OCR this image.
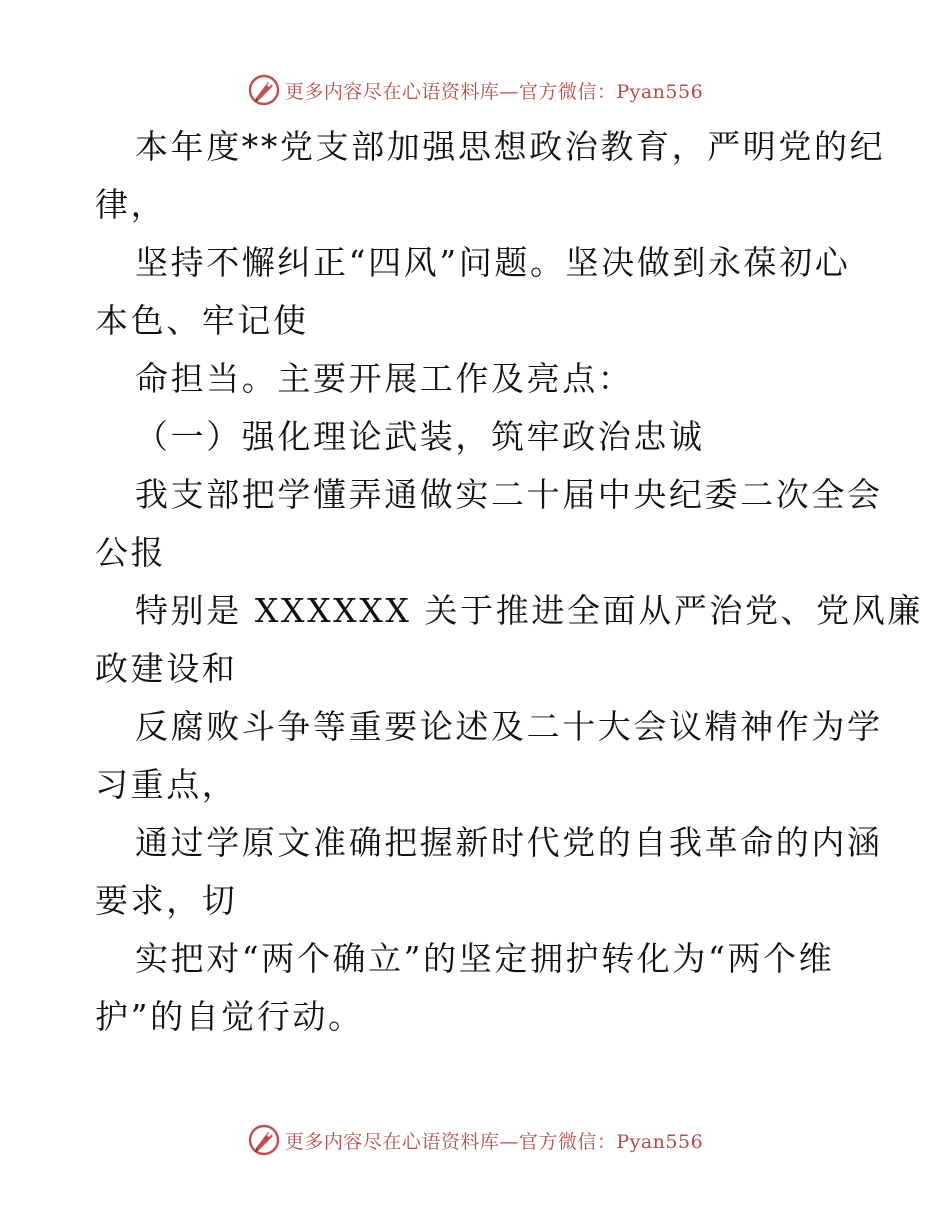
更多内容尽在心语资料库—官方微信：Pyan556
本年度**党支部加强思想政治教育，严明党的纪
律，
坚持不懈纠正“四风”问题。坚决做到永葆初心
本色、牢记使
命担当。主要开展工作及亮点：
（一）强化理论武装，筑牢政治忠诚
我支部把学懂弄通做实二十届中央纪委二次全会
公报
特别是 XXXXXX 关于推进全面从严治党、党风廉
政建设和
反腐败斗争等重要论述及二十大会议精神作为学
习重点，
通过学原文准确把握新时代党的自我革命的内涵
要求，切
实把对“两个确立”的坚定拥护转化为“两个维
护”的自觉行动。
更多内容尽在心语资料库—官方微信：Pyan556
